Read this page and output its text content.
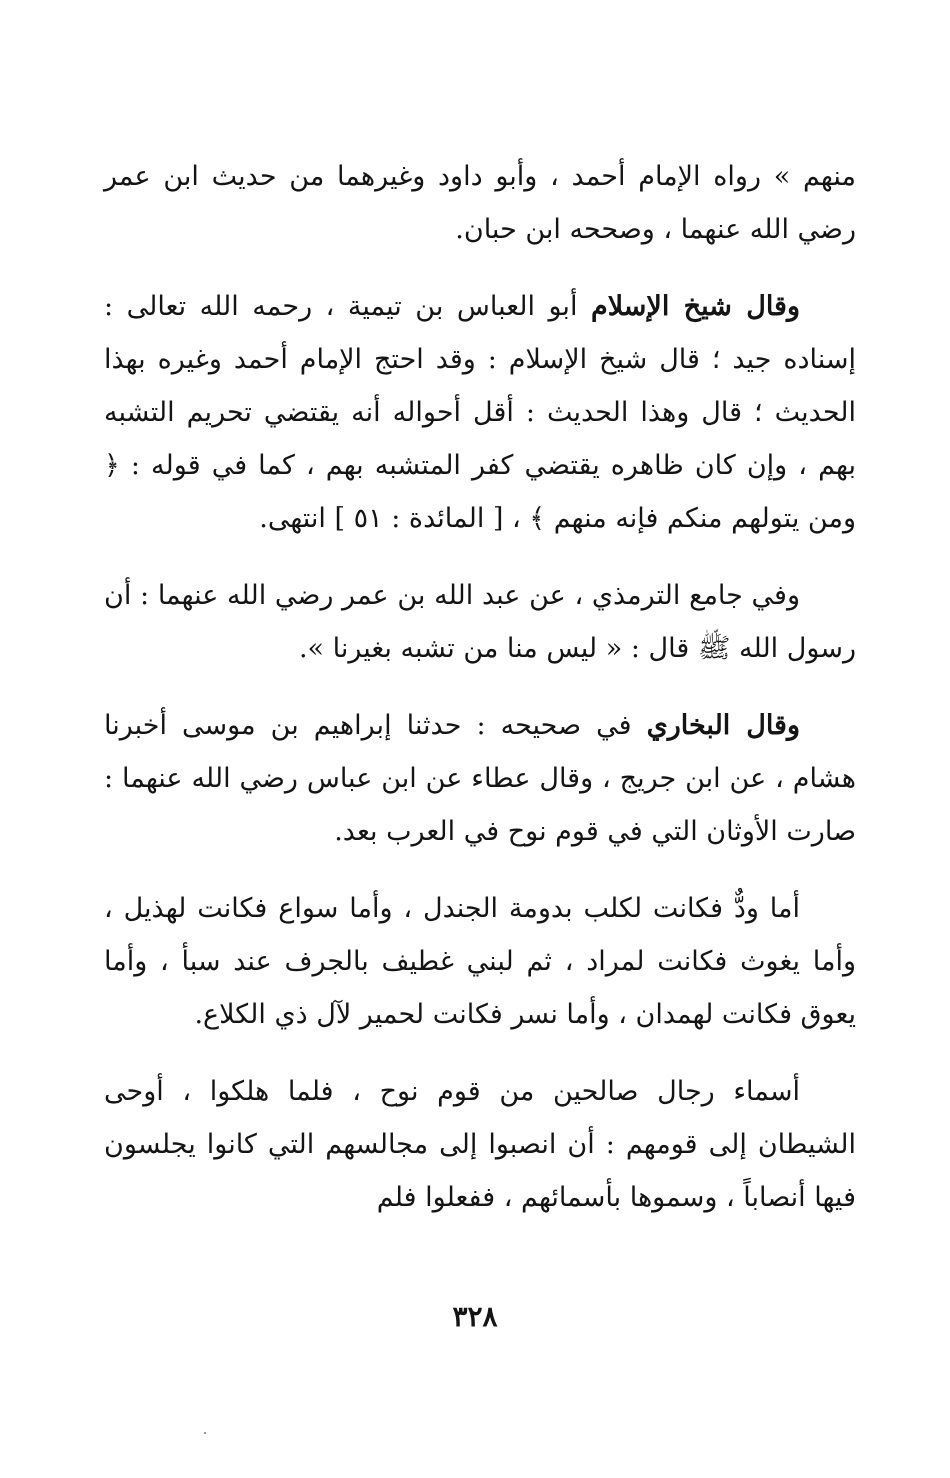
منهم » رواه الإمام أحمد ، وأبو داود وغيرهما من حديث ابن عمر رضي الله عنهما ، وصححه ابن حبان.

وقال شيخ الإسلام أبو العباس بن تيمية ، رحمه الله تعالى : إسناده جيد ؛ قال شيخ الإسلام : وقد احتج الإمام أحمد وغيره بهذا الحديث ؛ قال وهذا الحديث : أقل أحواله أنه يقتضي تحريم التشبه بهم ، وإن كان ظاهره يقتضي كفر المتشبه بهم ، كما في قوله : ﴿ ومن يتولهم منكم فإنه منهم ﴾ ، [ المائدة : ٥١ ] انتهى.

وفي جامع الترمذي ، عن عبد الله بن عمر رضي الله عنهما : أن رسول الله ﷺ قال : « ليس منا من تشبه بغيرنا ».

وقال البخاري في صحيحه : حدثنا إبراهيم بن موسى أخبرنا هشام ، عن ابن جريج ، وقال عطاء عن ابن عباس رضي الله عنهما : صارت الأوثان التي في قوم نوح في العرب بعد.

أما ودٌّ فكانت لكلب بدومة الجندل ، وأما سواع فكانت لهذيل ، وأما يغوث فكانت لمراد ، ثم لبني غطيف بالجرف عند سبأ ، وأما يعوق فكانت لهمدان ، وأما نسر فكانت لحمير لآل ذي الكلاع.

أسماء رجال صالحين من قوم نوح ، فلما هلكوا ، أوحى الشيطان إلى قومهم : أن انصبوا إلى مجالسهم التي كانوا يجلسون فيها أنصاباً ، وسموها بأسمائهم ، ففعلوا فلم

٣٢٨
